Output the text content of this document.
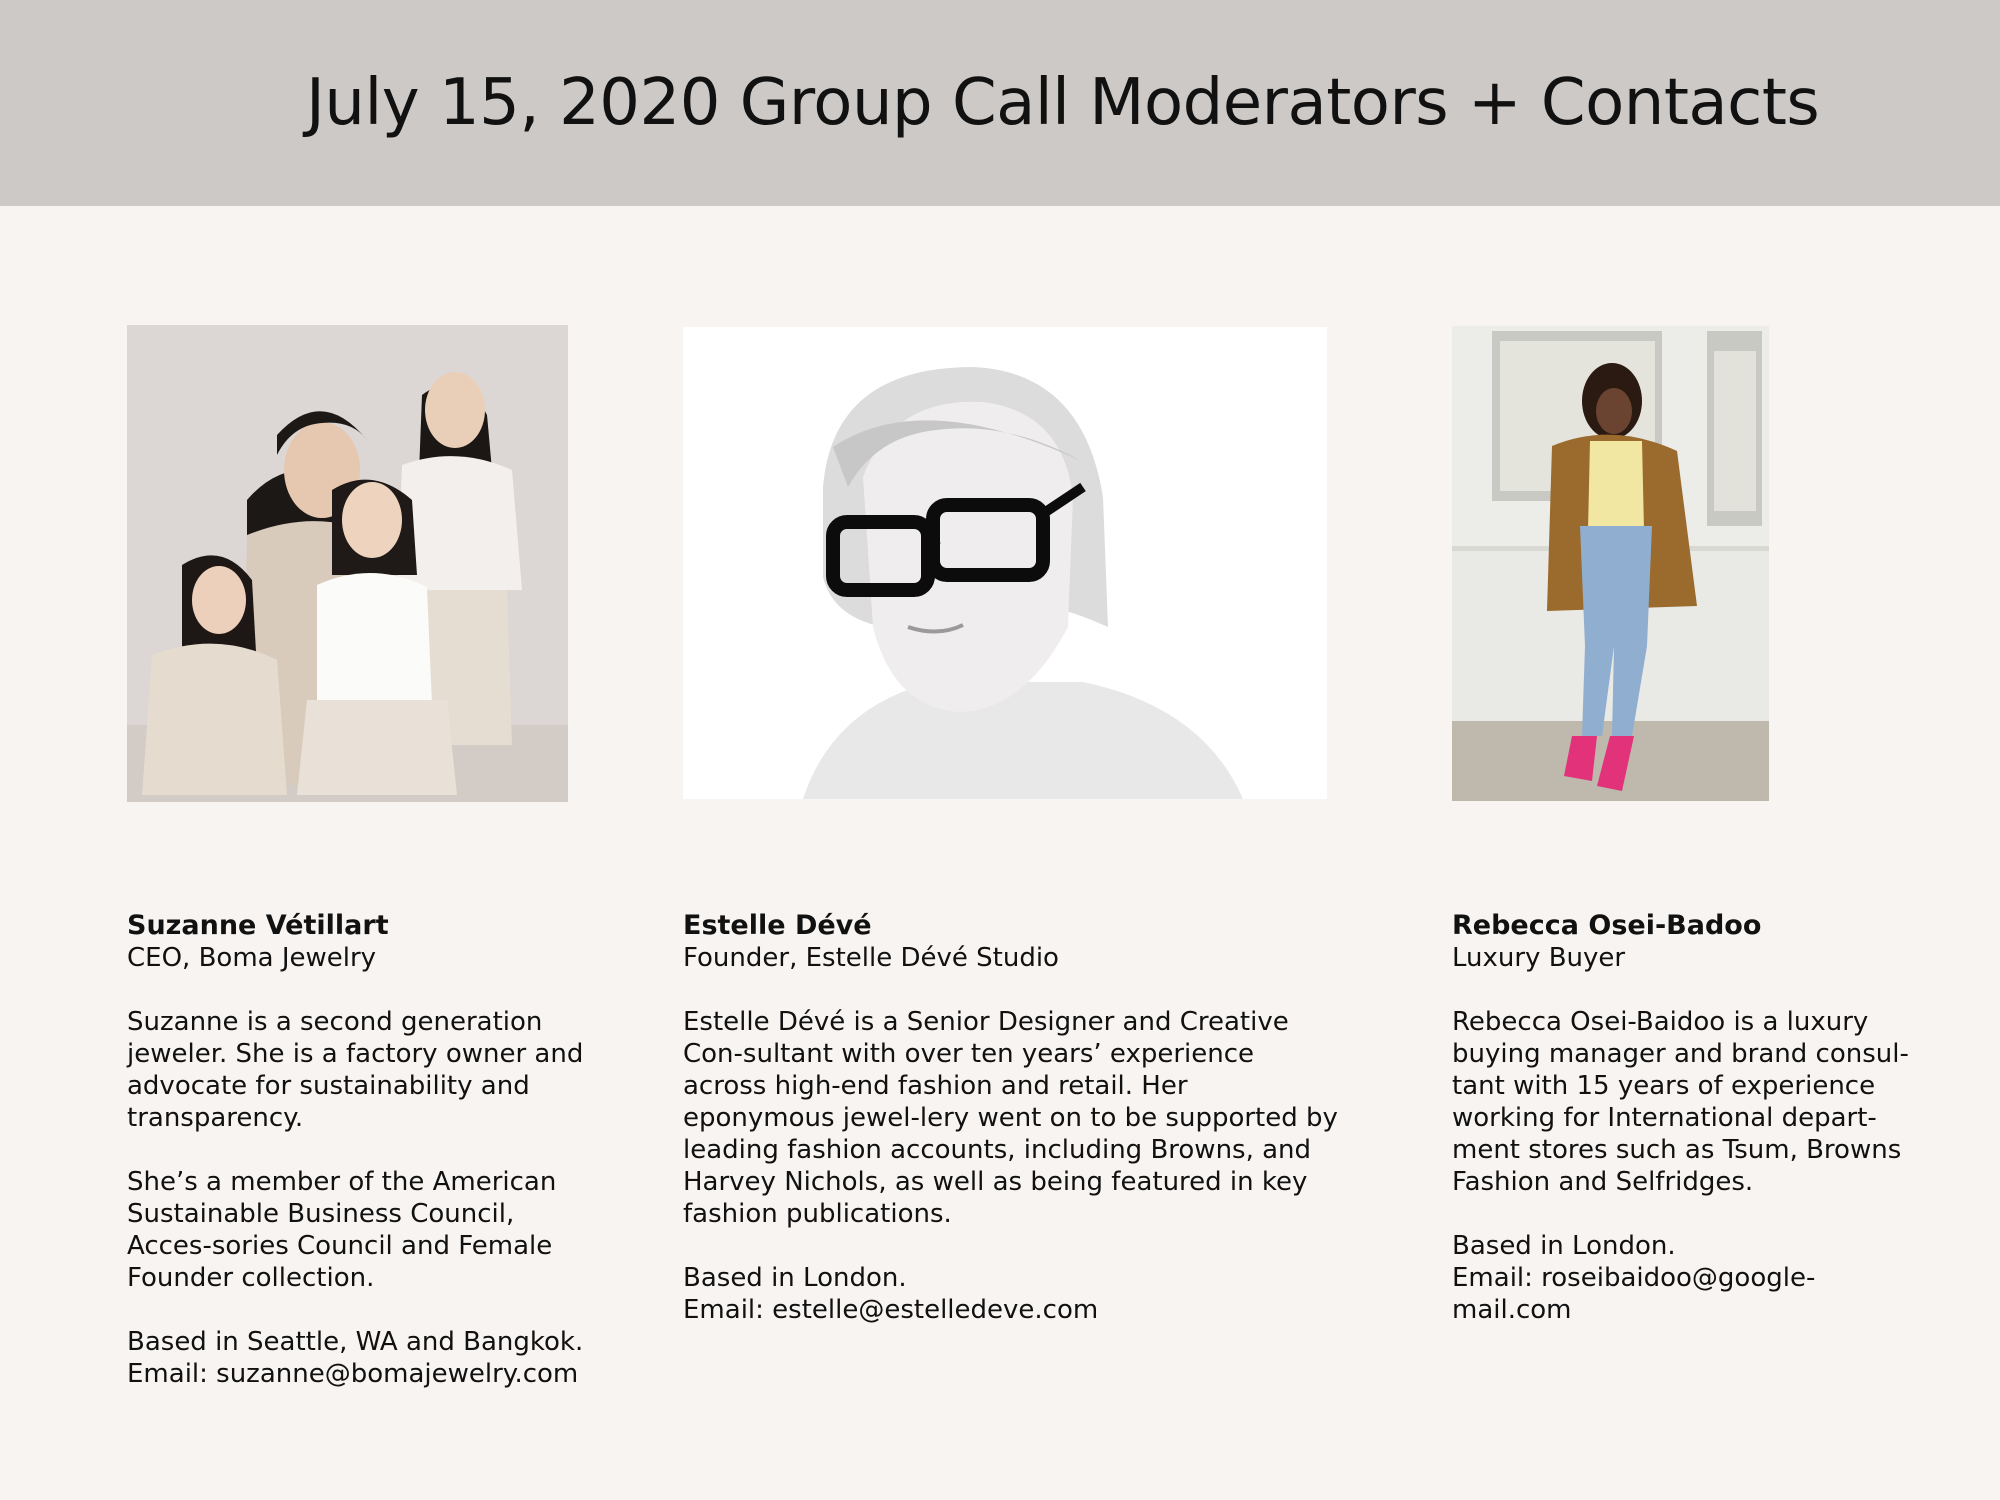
July 15, 2020 Group Call Moderators + Contacts
Suzanne Vétillart
CEO, Boma Jewelry

Suzanne is a second generation jeweler. She is a factory owner and advocate for sustainability and transparency.

She’s a member of the American Sustainable Business Council, Acces-sories Council and Female Founder collection.

Based in Seattle, WA and Bangkok.
Email: suzanne@bomajewelry.com
Estelle Dévé
Founder, Estelle Dévé Studio

Estelle Dévé is a Senior Designer and Creative Con-sultant with over ten years’ experience across high-end fashion and retail. Her eponymous jewel-lery went on to be supported by leading fashion accounts, including Browns, and Harvey Nichols, as well as being featured in key fashion publications.

Based in London.
Email: estelle@estelledeve.com
Rebecca Osei-Badoo
Luxury Buyer

Rebecca Osei-Baidoo is a luxury buying manager and brand consul-tant with 15 years of experience working for International depart-ment stores such as Tsum, Browns Fashion and Selfridges.

Based in London.
Email: roseibaidoo@google-mail.com
